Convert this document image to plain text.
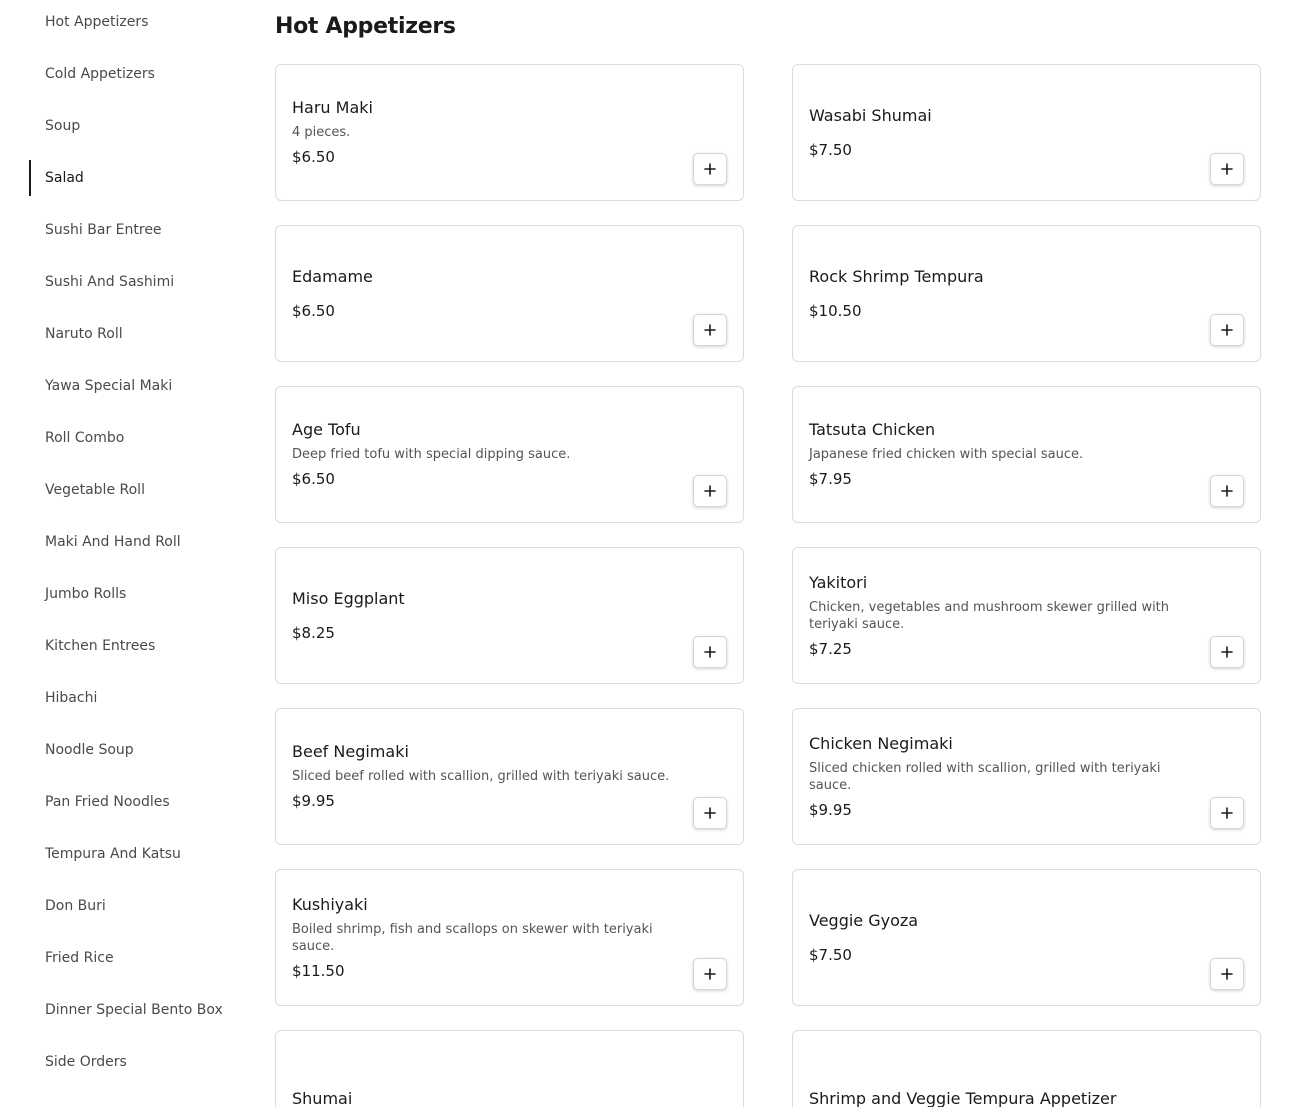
Hot Appetizers
Cold Appetizers
Soup
Salad
Sushi Bar Entree
Sushi And Sashimi
Naruto Roll
Yawa Special Maki
Roll Combo
Vegetable Roll
Maki And Hand Roll
Jumbo Rolls
Kitchen Entrees
Hibachi
Noodle Soup
Pan Fried Noodles
Tempura And Katsu
Don Buri
Fried Rice
Dinner Special Bento Box
Side Orders
Hot Appetizers
Haru Maki
4 pieces.
$6.50
Wasabi Shumai
$7.50
Edamame
$6.50
Rock Shrimp Tempura
$10.50
Age Tofu
Deep fried tofu with special dipping sauce.
$6.50
Tatsuta Chicken
Japanese fried chicken with special sauce.
$7.95
Miso Eggplant
$8.25
Yakitori
Chicken, vegetables and mushroom skewer grilled with teriyaki sauce.
$7.25
Beef Negimaki
Sliced beef rolled with scallion, grilled with teriyaki sauce.
$9.95
Chicken Negimaki
Sliced chicken rolled with scallion, grilled with teriyaki sauce.
$9.95
Kushiyaki
Boiled shrimp, fish and scallops on skewer with teriyaki sauce.
$11.50
Veggie Gyoza
$7.50
Shumai	Shrimp and Veggie Tempura Appetizer
